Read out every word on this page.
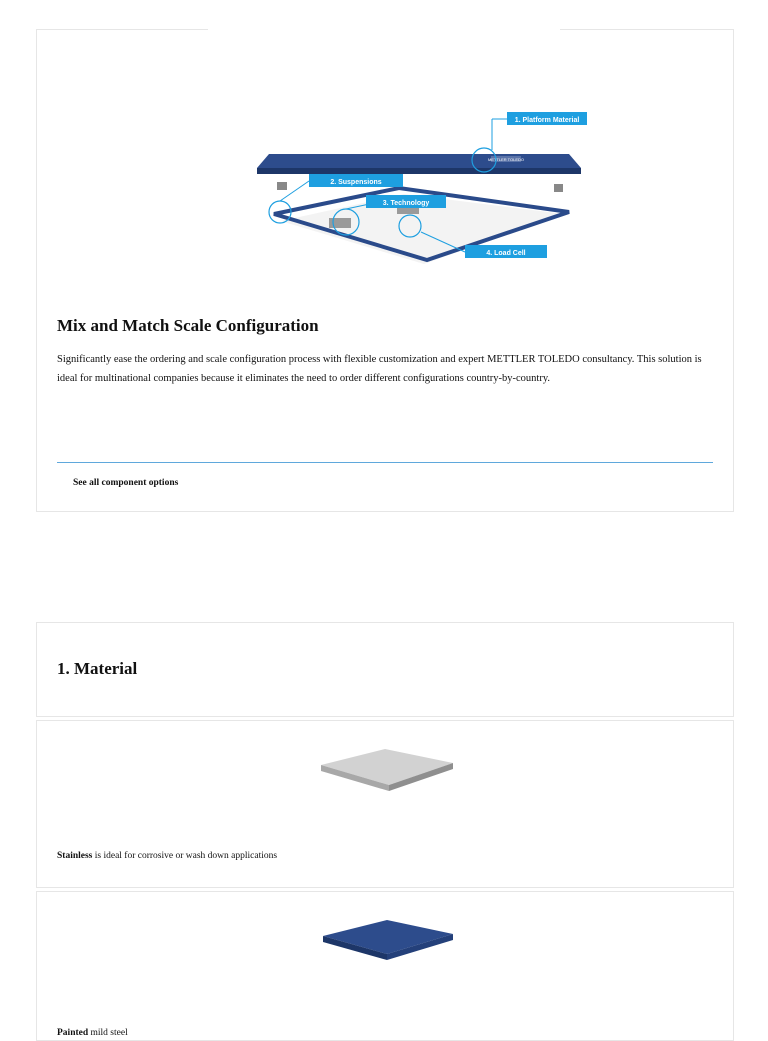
METTLER TOLEDO
1. Platform Material
2. Suspensions
3. Technology
4. Load Cell
Mix and Match Scale Configuration

Significantly ease the ordering and scale configuration process with flexible customization and expert METTLER TOLEDO consultancy. This solution is ideal for multinational companies because it eliminates the need to order different configurations country-by-country.

See all component options
1. Material

Stainless is ideal for corrosive or wash down applications

Painted mild steel
